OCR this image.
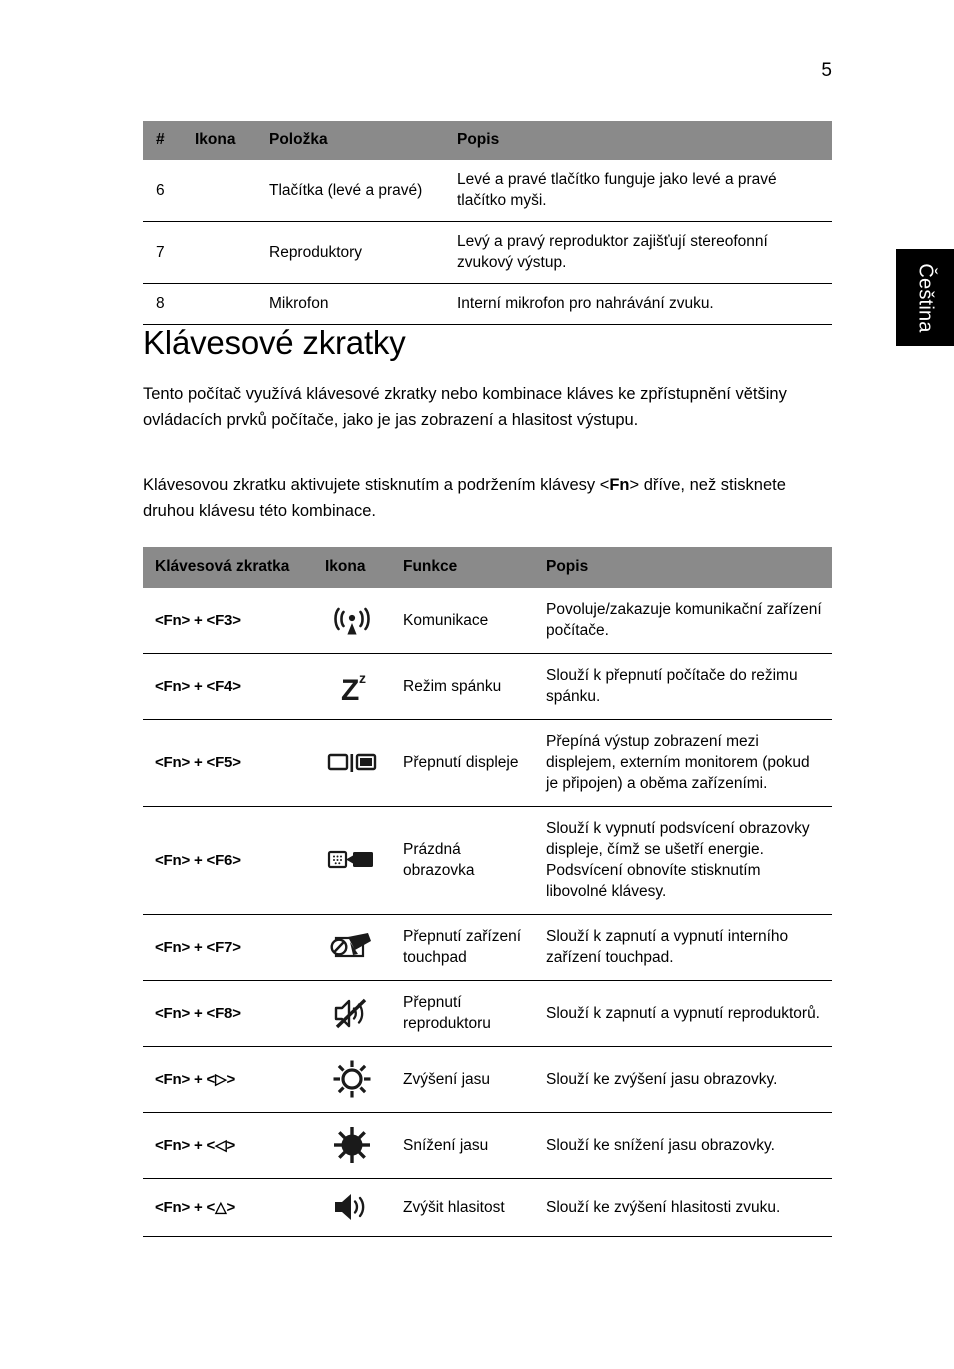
5
Čeština
#	Ikona	Položka	Popis
6		Tlačítka (levé a pravé)	Levé a pravé tlačítko funguje jako levé a pravé tlačítko myši.
7		Reproduktory	Levý a pravý reproduktor zajišťují stereofonní zvukový výstup.
8		Mikrofon	Interní mikrofon pro nahrávání zvuku.
Klávesové zkratky

Tento počítač využívá klávesové zkratky nebo kombinace kláves ke zpřístupnění většiny ovládacích prvků počítače, jako je jas zobrazení a hlasitost výstupu.

Klávesovou zkratku aktivujete stisknutím a podržením klávesy <Fn> dříve, než stisknete druhou klávesu této kombinace.

Klávesová zkratka	Ikona	Funkce	Popis
<Fn> + <F3>		Komunikace	Povoluje/zakazuje komunikační zařízení počítače.
<Fn> + <F4>	Z z	Režim spánku	Slouží k přepnutí počítače do režimu spánku.
<Fn> + <F5>		Přepnutí displeje	Přepíná výstup zobrazení mezi displejem, externím monitorem (pokud je připojen) a oběma zařízeními.
<Fn> + <F6>		Prázdná obrazovka	Slouží k vypnutí podsvícení obrazovky displeje, čímž se ušetří energie. Podsvícení obnovíte stisknutím libovolné klávesy.
<Fn> + <F7>		Přepnutí zařízení touchpad	Slouží k zapnutí a vypnutí interního zařízení touchpad.
<Fn> + <F8>		Přepnutí reproduktoru	Slouží k zapnutí a vypnutí reproduktorů.
<Fn> + <▷>		Zvýšení jasu	Slouží ke zvýšení jasu obrazovky.
<Fn> + <◁>		Snížení jasu	Slouží ke snížení jasu obrazovky.
<Fn> + <△>		Zvýšit hlasitost	Slouží ke zvýšení hlasitosti zvuku.
